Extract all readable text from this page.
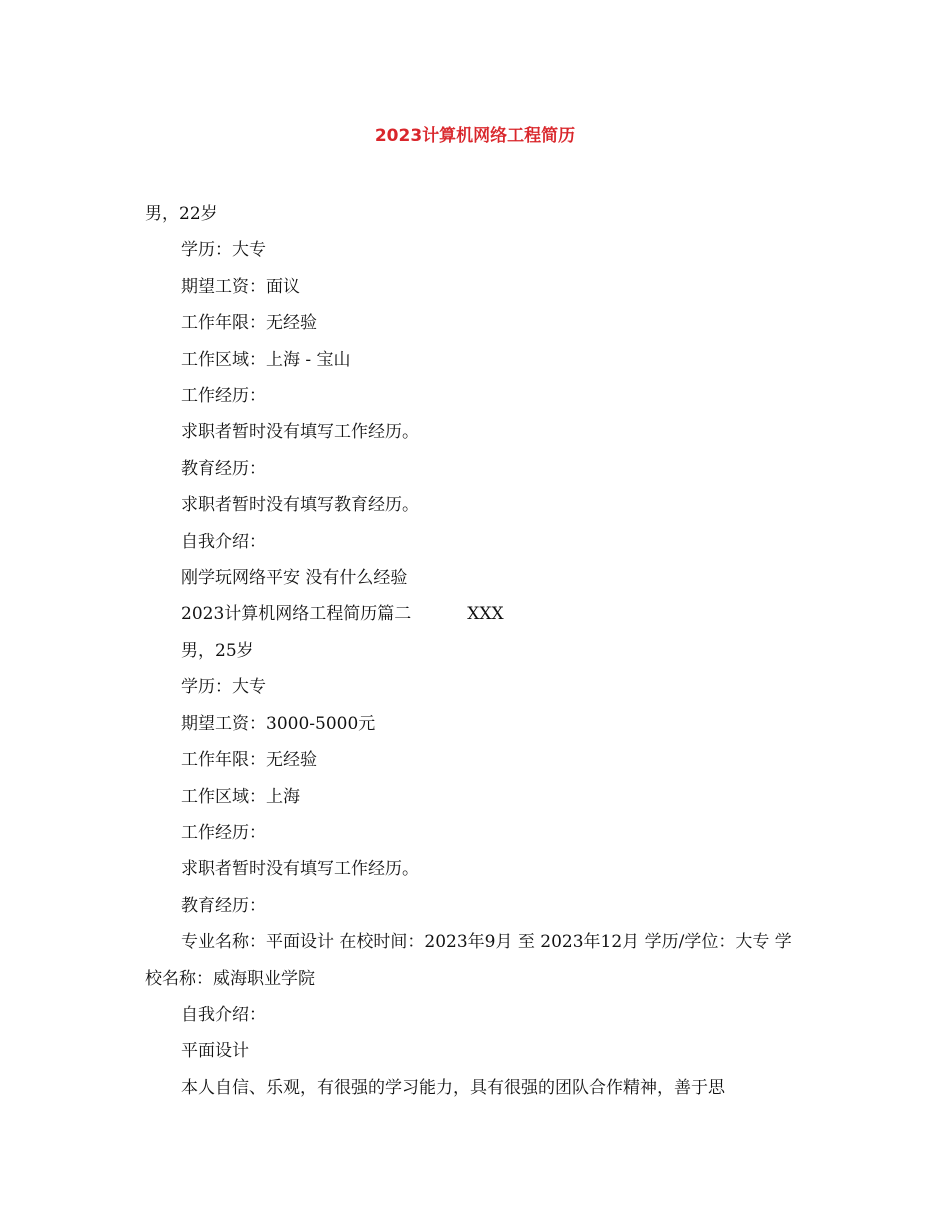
2023计算机网络工程简历

男，22岁

学历：大专

期望工资：面议

工作年限：无经验

工作区域：上海 - 宝山

工作经历：

求职者暂时没有填写工作经历。

教育经历：

求职者暂时没有填写教育经历。

自我介绍：

刚学玩网络平安 没有什么经验

2023计算机网络工程简历篇二	XXX

男，25岁

学历：大专

期望工资：3000-5000元

工作年限：无经验

工作区域：上海

工作经历：

求职者暂时没有填写工作经历。

教育经历：

专业名称：平面设计 在校时间：2023年9月 至 2023年12月 学历/学位：大专 学校名称：威海职业学院

自我介绍：

平面设计

本人自信、乐观，有很强的学习能力，具有很强的团队合作精神，善于思
